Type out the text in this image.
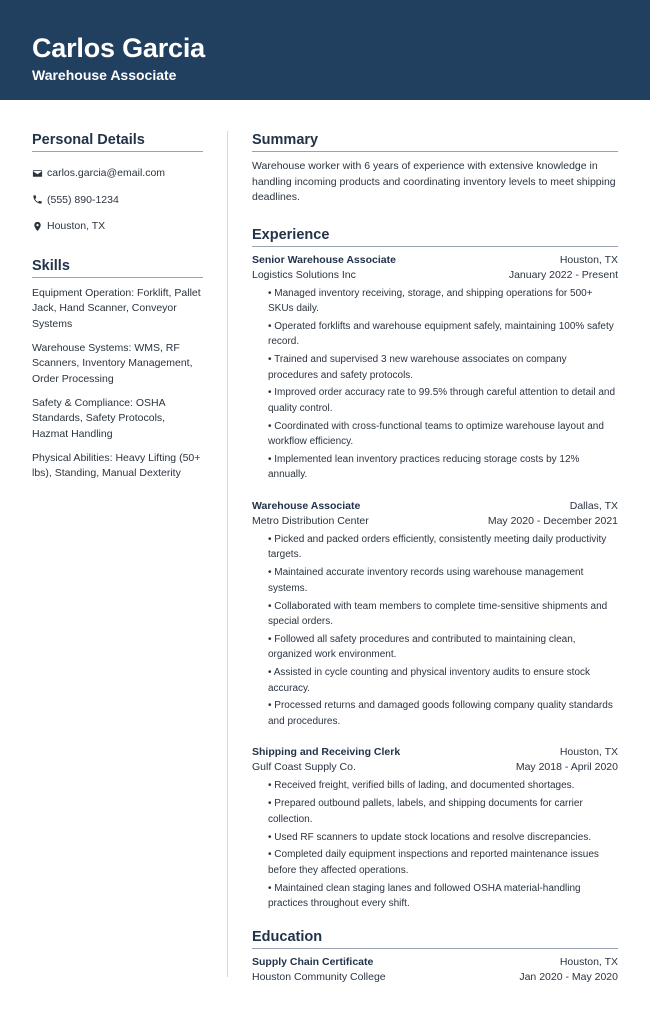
Carlos Garcia
Warehouse Associate
Personal Details
carlos.garcia@email.com
(555) 890-1234
Houston, TX
Skills
Equipment Operation: Forklift, Pallet Jack, Hand Scanner, Conveyor Systems
Warehouse Systems: WMS, RF Scanners, Inventory Management, Order Processing
Safety & Compliance: OSHA Standards, Safety Protocols, Hazmat Handling
Physical Abilities: Heavy Lifting (50+ lbs), Standing, Manual Dexterity
Summary

Warehouse worker with 6 years of experience with extensive knowledge in handling incoming products and coordinating inventory levels to meet shipping deadlines.

Experience
Senior Warehouse Associate	Houston, TX
Logistics Solutions Inc	January 2022 - Present
• Managed inventory receiving, storage, and shipping operations for 500+ SKUs daily.
• Operated forklifts and warehouse equipment safely, maintaining 100% safety record.
• Trained and supervised 3 new warehouse associates on company procedures and safety protocols.
• Improved order accuracy rate to 99.5% through careful attention to detail and quality control.
• Coordinated with cross-functional teams to optimize warehouse layout and workflow efficiency.
• Implemented lean inventory practices reducing storage costs by 12% annually.
Warehouse Associate	Dallas, TX
Metro Distribution Center	May 2020 - December 2021
• Picked and packed orders efficiently, consistently meeting daily productivity targets.
• Maintained accurate inventory records using warehouse management systems.
• Collaborated with team members to complete time-sensitive shipments and special orders.
• Followed all safety procedures and contributed to maintaining clean, organized work environment.
• Assisted in cycle counting and physical inventory audits to ensure stock accuracy.
• Processed returns and damaged goods following company quality standards and procedures.
Shipping and Receiving Clerk	Houston, TX
Gulf Coast Supply Co.	May 2018 - April 2020
• Received freight, verified bills of lading, and documented shortages.
• Prepared outbound pallets, labels, and shipping documents for carrier collection.
• Used RF scanners to update stock locations and resolve discrepancies.
• Completed daily equipment inspections and reported maintenance issues before they affected operations.
• Maintained clean staging lanes and followed OSHA material-handling practices throughout every shift.
Education
Supply Chain Certificate	Houston, TX
Houston Community College	Jan 2020 - May 2020
